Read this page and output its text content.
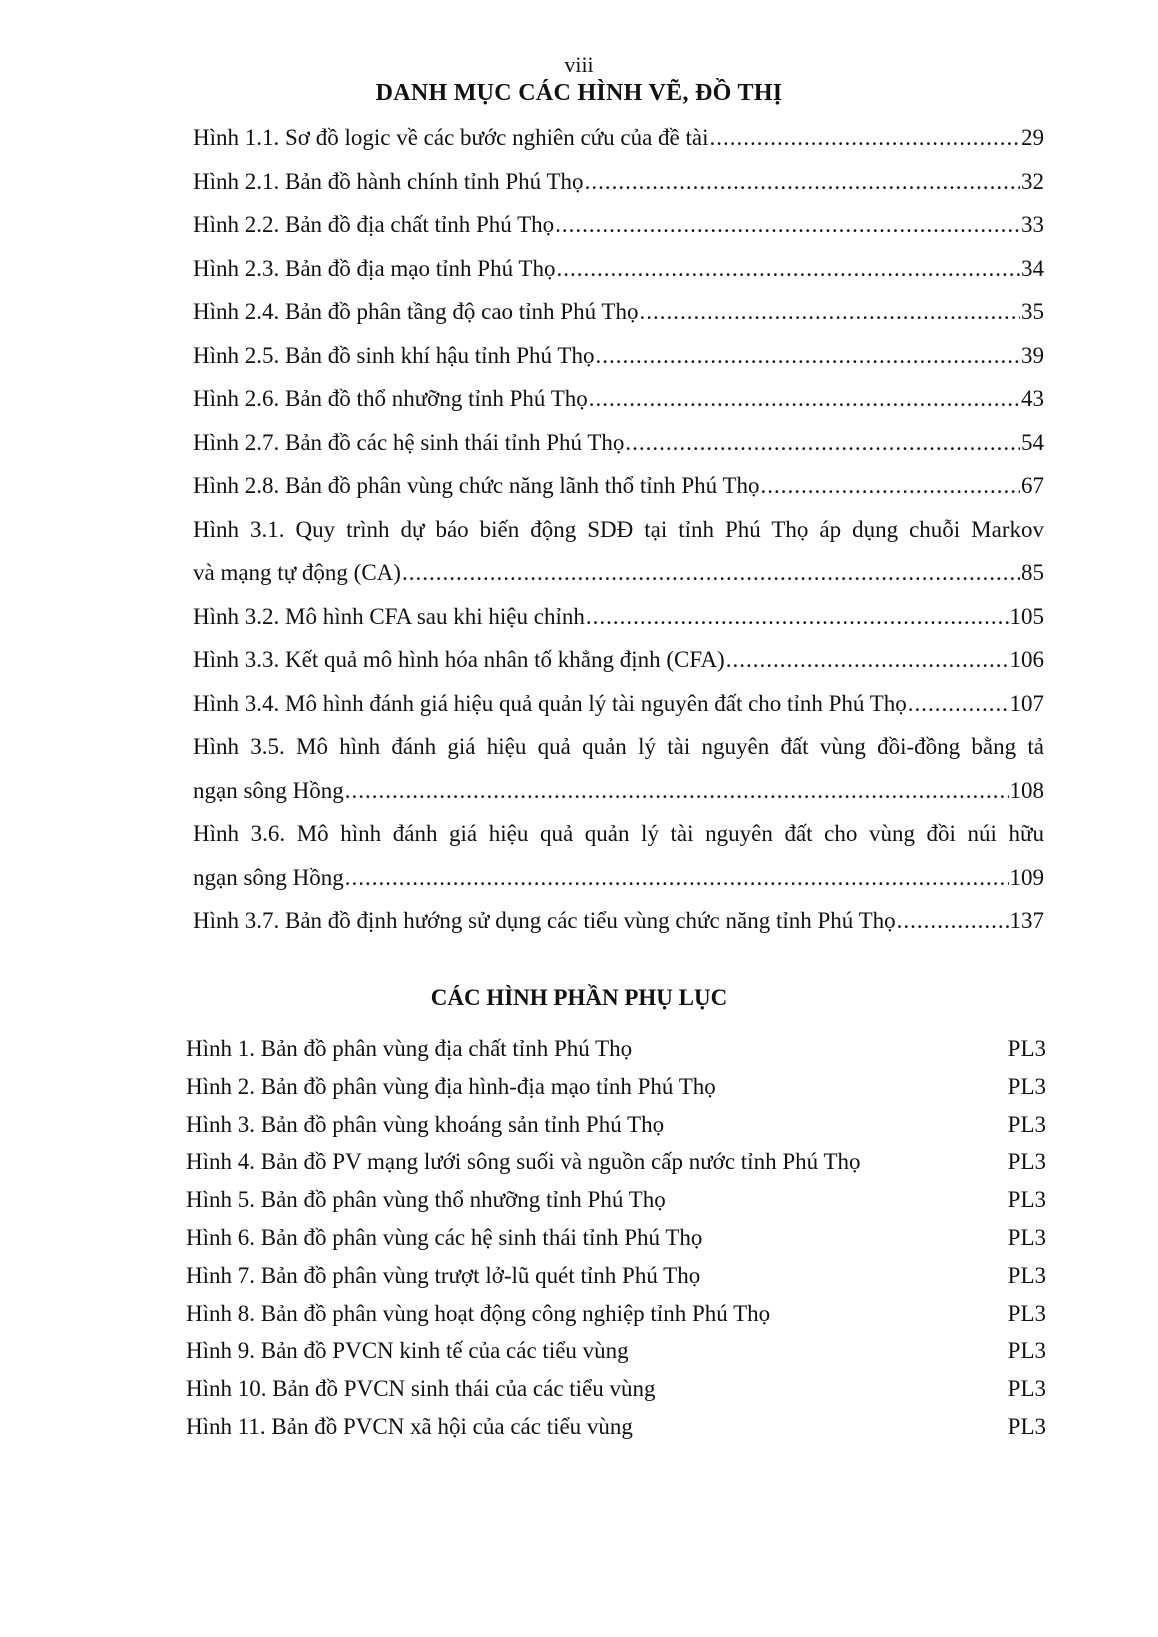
viii
DANH MỤC CÁC HÌNH VẼ, ĐỒ THỊ
Hình 1.1. Sơ đồ logic về các bước nghiên cứu của đề tài .....	29
Hình 2.1. Bản đồ hành chính tỉnh Phú Thọ .....	32
Hình 2.2. Bản đồ địa chất tỉnh Phú Thọ .....	33
Hình 2.3. Bản đồ địa mạo tỉnh Phú Thọ .....	34
Hình 2.4. Bản đồ phân tầng độ cao tỉnh Phú Thọ .....	35
Hình 2.5. Bản đồ sinh khí hậu tỉnh Phú Thọ .....	39
Hình 2.6. Bản đồ thổ nhưỡng tỉnh Phú Thọ .....	43
Hình 2.7. Bản đồ các hệ sinh thái tỉnh Phú Thọ .....	54
Hình 2.8. Bản đồ phân vùng chức năng lãnh thổ tỉnh Phú Thọ .....	67
Hình 3.1. Quy trình dự báo biến động SDĐ tại tỉnh Phú Thọ áp dụng chuỗi Markov
và mạng tự động (CA) .....	85
Hình 3.2. Mô hình CFA sau khi hiệu chỉnh .....	105
Hình 3.3. Kết quả mô hình hóa nhân tố khẳng định (CFA) .....	106
Hình 3.4. Mô hình đánh giá hiệu quả quản lý tài nguyên đất cho tỉnh Phú Thọ .....	107
Hình 3.5. Mô hình đánh giá hiệu quả quản lý tài nguyên đất vùng đồi-đồng bằng tả
ngạn sông Hồng .....	108
Hình 3.6. Mô hình đánh giá hiệu quả quản lý tài nguyên đất cho vùng đồi núi hữu
ngạn sông Hồng .....	109
Hình 3.7. Bản đồ định hướng sử dụng các tiểu vùng chức năng tỉnh Phú Thọ .....	137
CÁC HÌNH PHẦN PHỤ LỤC
Hình 1. Bản đồ phân vùng địa chất tỉnh Phú Thọ	PL3
Hình 2. Bản đồ phân vùng địa hình-địa mạo tỉnh Phú Thọ	PL3
Hình 3. Bản đồ phân vùng khoáng sản tỉnh Phú Thọ	PL3
Hình 4. Bản đồ PV mạng lưới sông suối và nguồn cấp nước tỉnh Phú Thọ	PL3
Hình 5. Bản đồ phân vùng thổ nhưỡng tỉnh Phú Thọ	PL3
Hình 6. Bản đồ phân vùng các hệ sinh thái tỉnh Phú Thọ	PL3
Hình 7. Bản đồ phân vùng trượt lở-lũ quét tỉnh Phú Thọ	PL3
Hình 8. Bản đồ phân vùng hoạt động công nghiệp tỉnh Phú Thọ	PL3
Hình 9. Bản đồ PVCN kinh tế của các tiểu vùng	PL3
Hình 10. Bản đồ PVCN sinh thái của các tiểu vùng	PL3
Hình 11. Bản đồ PVCN xã hội của các tiểu vùng	PL3
